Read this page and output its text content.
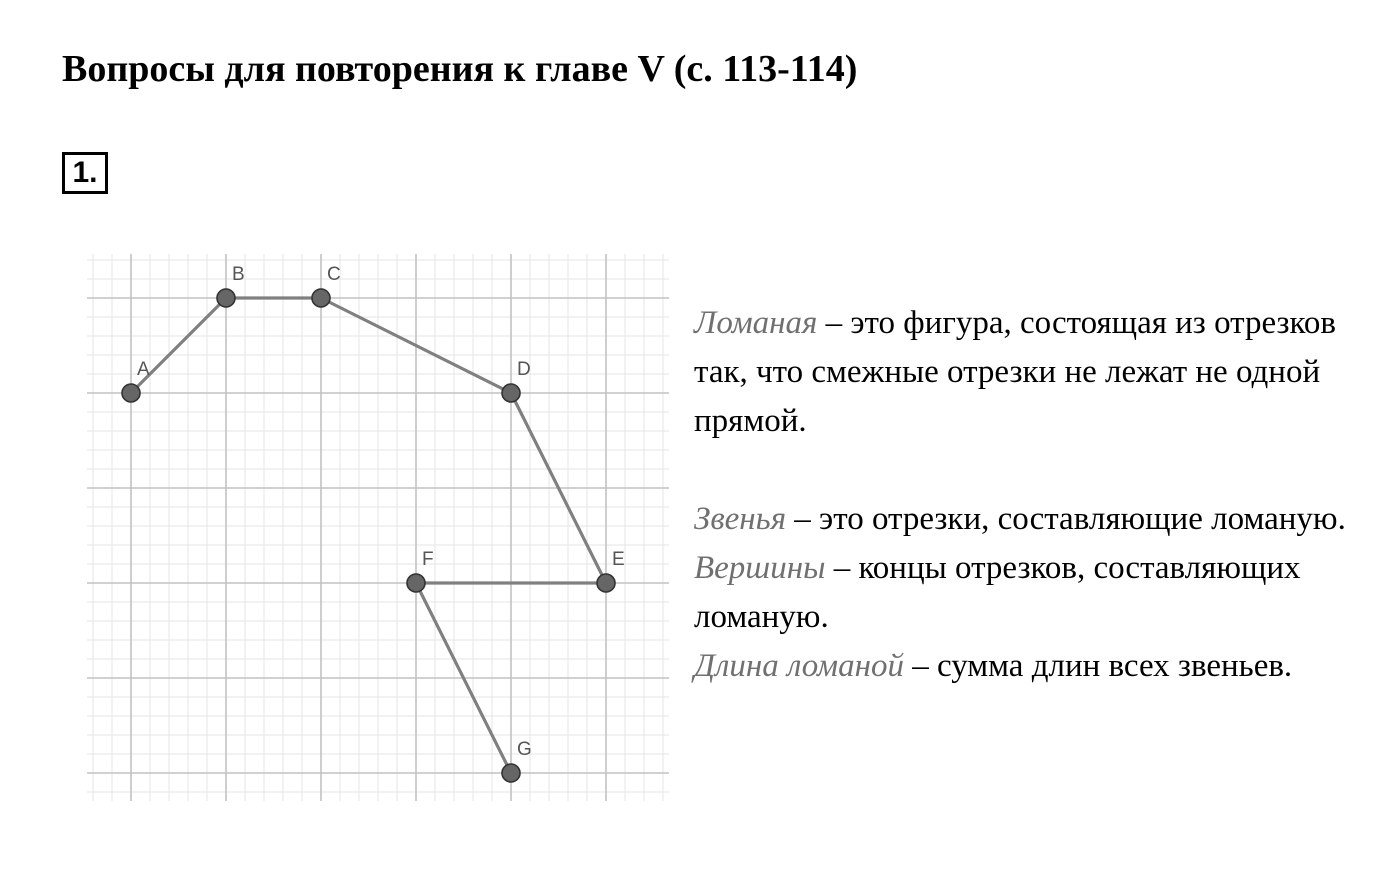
Вопросы для повторения к главе V (с. 113-114)
1.
A
B	C
D
E
F
G

Ломаная – это фигура, состоящая из отрезков так, что смежные отрезки не лежат не одной прямой.

Звенья – это отрезки, составляющие ломаную.

Вершины – концы отрезков, составляющих ломаную.

Длина ломаной – сумма длин всех звеньев.
